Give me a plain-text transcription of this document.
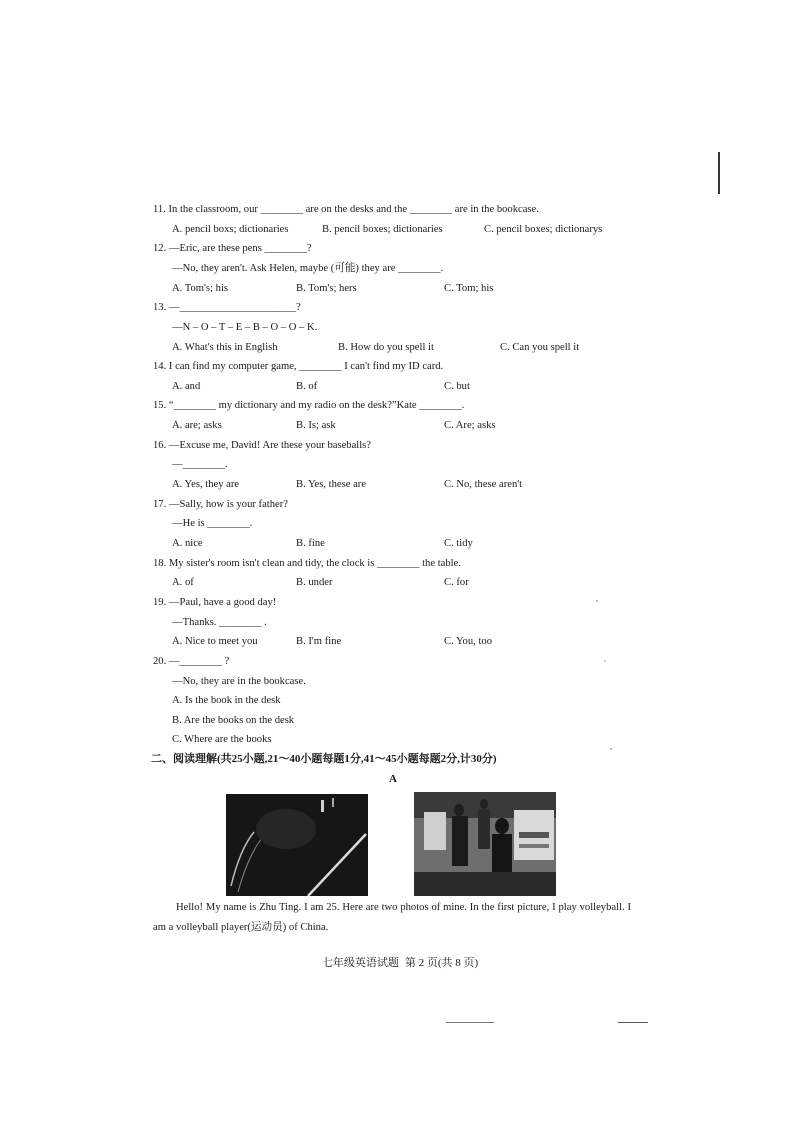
11. In the classroom, our ________ are on the desks and the ________ are in the bookcase.
A. pencil boxs; dictionaries	B. pencil boxes; dictionaries	C. pencil boxes; dictionarys
12. —Eric, are these pens ________?
—No, they aren't. Ask Helen, maybe (可能) they are ________.
A. Tom's; his	B. Tom's; hers	C. Tom; his
13. —______________________?
—N – O – T – E – B – O – O – K.
A. What's this in English	B. How do you spell it	C. Can you spell it
14. I can find my computer game, ________ I can't find my ID card.
A. and	B. of	C. but
15. “________ my dictionary and my radio on the desk?”Kate ________.
A. are; asks	B. Is; ask	C. Are; asks
16. —Excuse me, David! Are these your baseballs?
—________.
A. Yes, they are	B. Yes, these are	C. No, these aren't
17. —Sally, how is your father?
—He is ________.
A. nice	B. fine	C. tidy
18. My sister's room isn't clean and tidy, the clock is ________ the table.
A. of	B. under	C. for
19. —Paul, have a good day!
—Thanks. ________ .
A. Nice to meet you	B. I'm fine	C. You, too
20. —________ ?
—No, they are in the bookcase.
A. Is the book in the desk
B. Are the books on the desk
C. Where are the books
二、阅读理解(共25小题,21～40小题每题1分,41～45小题每题2分,计30分)
A
Hello! My name is Zhu Ting. I am 25. Here are two photos of mine. In the first picture, I play volleyball. I am a volleyball player(运动员) of China.
七年级英语试题 第 2 页(共 8 页)
